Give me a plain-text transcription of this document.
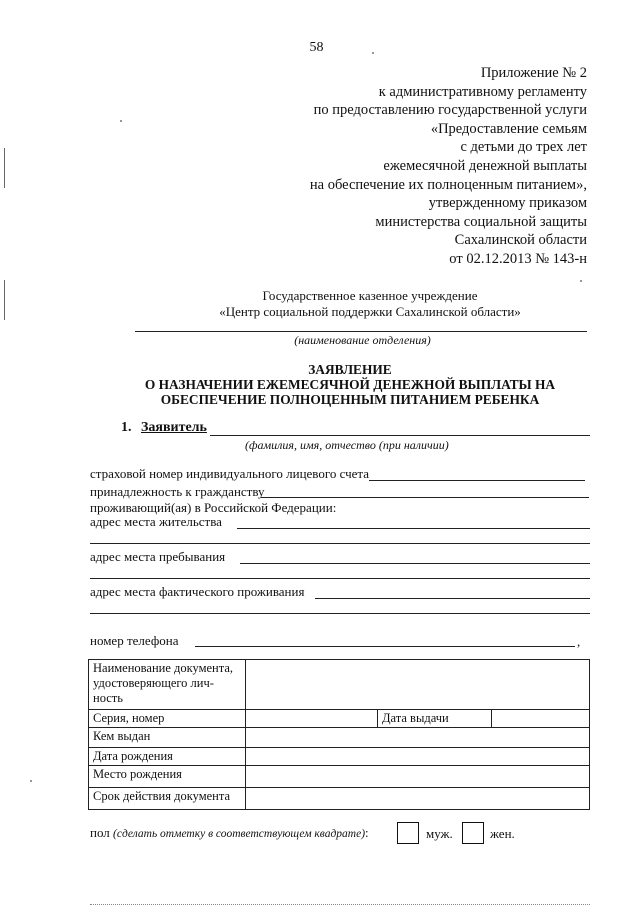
58
Приложение № 2
к административному регламенту
по предоставлению государственной услуги
«Предоставление семьям
с детьми до трех лет
ежемесячной денежной выплаты
на обеспечение их полноценным питанием»,
утвержденному приказом
министерства социальной защиты
Сахалинской области
от 02.12.2013 № 143-н
Государственное казенное учреждение
«Центр социальной поддержки Сахалинской области»
(наименование отделения)
ЗАЯВЛЕНИЕ
О НАЗНАЧЕНИИ ЕЖЕМЕСЯЧНОЙ ДЕНЕЖНОЙ ВЫПЛАТЫ НА
ОБЕСПЕЧЕНИЕ ПОЛНОЦЕННЫМ ПИТАНИЕМ РЕБЕНКА
1. Заявитель
(фамилия, имя, отчество (при наличии)
страховой номер индивидуального лицевого счета
принадлежность к гражданству
проживающий(ая) в Российской Федерации:
адрес места жительства
адрес места пребывания
адрес места фактического проживания
номер телефона	,
Наименование документа, удостоверяющего лич-ность			
Серия, номер		Дата выдачи	
Кем выдан			
Дата рождения			
Место рождения			
Срок действия документа			
пол (сделать отметку в соответствующем квадрате):	муж.	жен.
